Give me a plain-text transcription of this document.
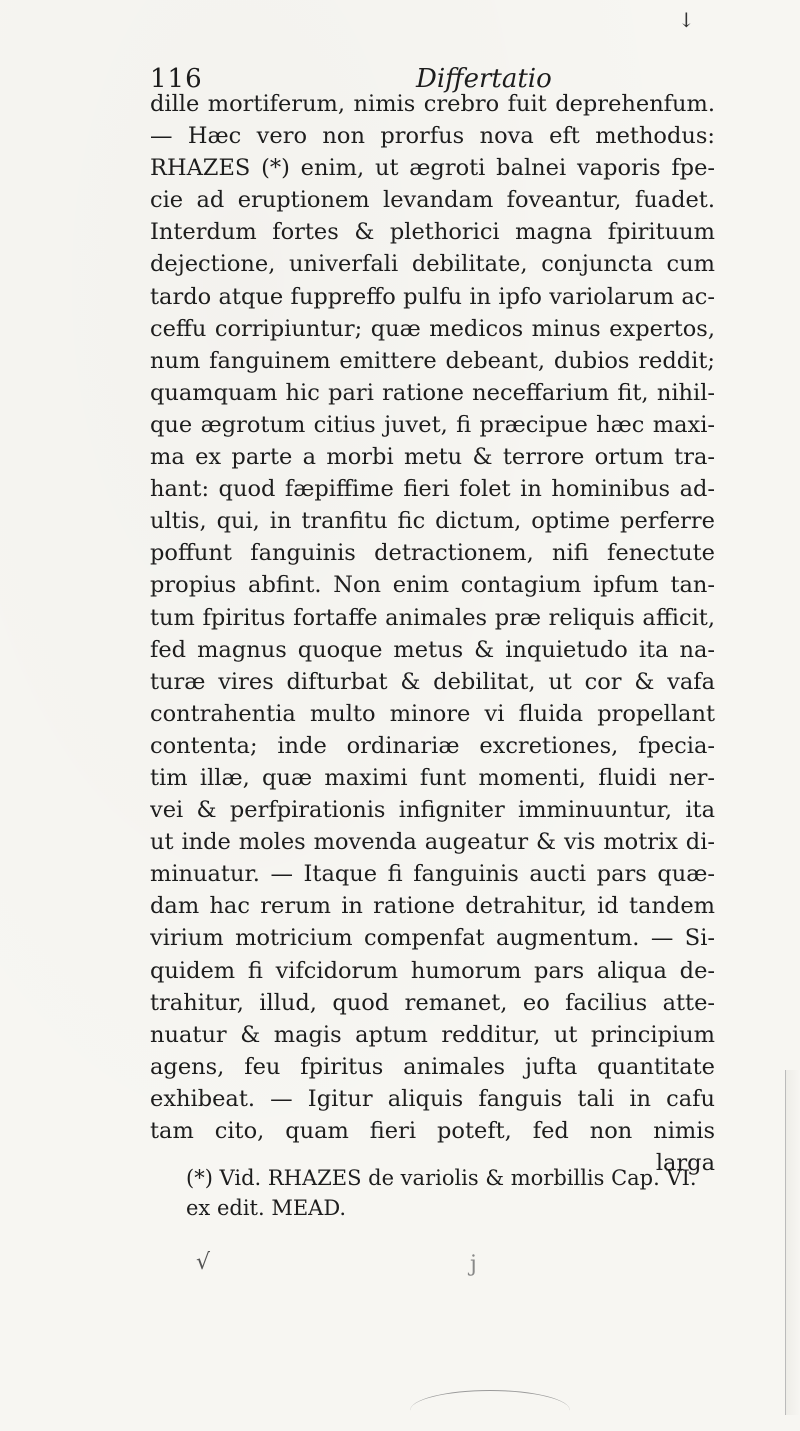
↓
116	Differtatio
dille mortiferum, nimis crebro fuit deprehenfum.
— Hæc vero non prorfus nova eft methodus:
RHAZES (*) enim, ut ægroti balnei vaporis fpe-
cie ad eruptionem levandam foveantur, fuadet.
Interdum fortes & plethorici magna fpirituum
dejectione, univerfali debilitate, conjuncta cum
tardo atque fuppreffo pulfu in ipfo variolarum ac-
ceffu corripiuntur; quæ medicos minus expertos,
num fanguinem emittere debeant, dubios reddit;
quamquam hic pari ratione neceffarium fit, nihil-
que ægrotum citius juvet, fi præcipue hæc maxi-
ma ex parte a morbi metu & terrore ortum tra-
hant: quod fæpiffime fieri folet in hominibus ad-
ultis, qui, in tranfitu fic dictum, optime perferre
poffunt fanguinis detractionem, nifi fenectute
propius abfint. Non enim contagium ipfum tan-
tum fpiritus fortaffe animales præ reliquis afficit,
fed magnus quoque metus & inquietudo ita na-
turæ vires difturbat & debilitat, ut cor & vafa
contrahentia multo minore vi fluida propellant
contenta; inde ordinariæ excretiones, fpecia-
tim illæ, quæ maximi funt momenti, fluidi ner-
vei & perfpirationis infigniter imminuuntur, ita
ut inde moles movenda augeatur & vis motrix di-
minuatur. — Itaque fi fanguinis aucti pars quæ-
dam hac rerum in ratione detrahitur, id tandem
virium motricium compenfat augmentum. — Si-
quidem fi vifcidorum humorum pars aliqua de-
trahitur, illud, quod remanet, eo facilius atte-
nuatur & magis aptum redditur, ut principium
agens, feu fpiritus animales jufta quantitate
exhibeat. — Igitur aliquis fanguis tali in cafu
tam cito, quam fieri poteft, fed non nimis
larga
(*) Vid. RHAZES de variolis & morbillis Cap. VI.
ex edit. MEAD.
√	j
